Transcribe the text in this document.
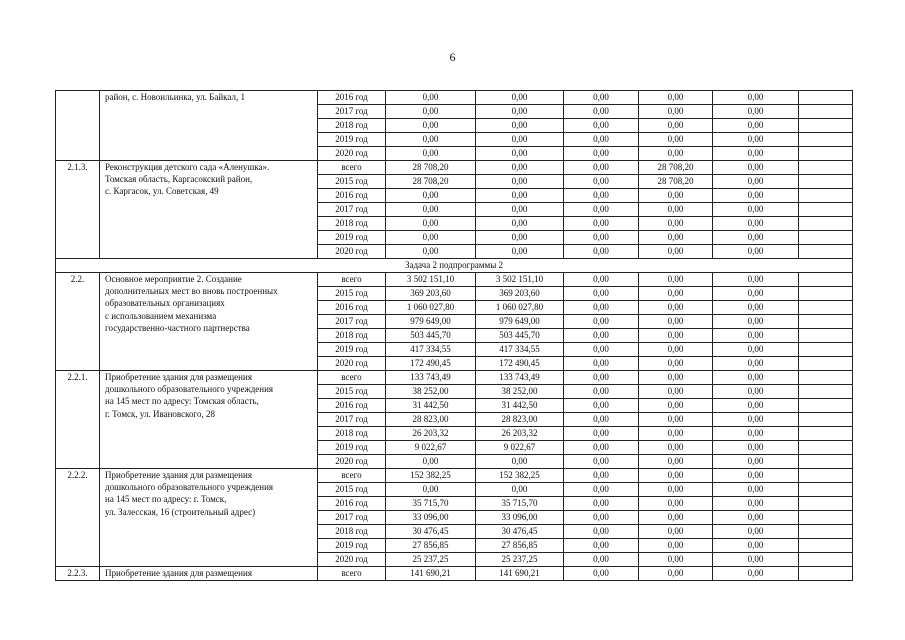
6

	район, с. Новоильинка, ул. Байкал, 1	2016 год	0,00	0,00	0,00	0,00	0,00	
		2017 год	0,00	0,00	0,00	0,00	0,00	
		2018 год	0,00	0,00	0,00	0,00	0,00	
		2019 год	0,00	0,00	0,00	0,00	0,00	
		2020 год	0,00	0,00	0,00	0,00	0,00	
2.1.3.	Реконструкция детского сада «Аленушка».
Томская область, Каргасокский район,
с. Каргасок, ул. Советская, 49	всего	28 708,20	0,00	0,00	28 708,20	0,00	
		2015 год	28 708,20	0,00	0,00	28 708,20	0,00	
		2016 год	0,00	0,00	0,00	0,00	0,00	
		2017 год	0,00	0,00	0,00	0,00	0,00	
		2018 год	0,00	0,00	0,00	0,00	0,00	
		2019 год	0,00	0,00	0,00	0,00	0,00	
		2020 год	0,00	0,00	0,00	0,00	0,00	
Задача 2 подпрограммы 2								
2.2.	Основное мероприятие 2. Создание
дополнительных мест во вновь построенных
образовательных организациях
с использованием механизма
государственно-частного партнерства	всего	3 502 151,10	3 502 151,10	0,00	0,00	0,00	
		2015 год	369 203,60	369 203,60	0,00	0,00	0,00	
		2016 год	1 060 027,80	1 060 027,80	0,00	0,00	0,00	
		2017 год	979 649,00	979 649,00	0,00	0,00	0,00	
		2018 год	503 445,70	503 445,70	0,00	0,00	0,00	
		2019 год	417 334,55	417 334,55	0,00	0,00	0,00	
		2020 год	172 490,45	172 490,45	0,00	0,00	0,00	
2.2.1.	Приобретение здания для размещения
дошкольного образовательного учреждения
на 145 мест по адресу: Томская область,
г. Томск, ул. Ивановского, 28	всего	133 743,49	133 743,49	0,00	0,00	0,00	
		2015 год	38 252,00	38 252,00	0,00	0,00	0,00	
		2016 год	31 442,50	31 442,50	0,00	0,00	0,00	
		2017 год	28 823,00	28 823,00	0,00	0,00	0,00	
		2018 год	26 203,32	26 203,32	0,00	0,00	0,00	
		2019 год	9 022,67	9 022,67	0,00	0,00	0,00	
		2020 год	0,00	0,00	0,00	0,00	0,00	
2.2.2.	Приобретение здания для размещения
дошкольного образовательного учреждения
на 145 мест по адресу: г. Томск,
ул. Залесская, 16 (строительный адрес)	всего	152 382,25	152 382,25	0,00	0,00	0,00	
		2015 год	0,00	0,00	0,00	0,00	0,00	
		2016 год	35 715,70	35 715,70	0,00	0,00	0,00	
		2017 год	33 096,00	33 096,00	0,00	0,00	0,00	
		2018 год	30 476,45	30 476,45	0,00	0,00	0,00	
		2019 год	27 856,85	27 856,85	0,00	0,00	0,00	
		2020 год	25 237,25	25 237,25	0,00	0,00	0,00	
2.2.3.	Приобретение здания для размещения	всего	141 690,21	141 690,21	0,00	0,00	0,00	
